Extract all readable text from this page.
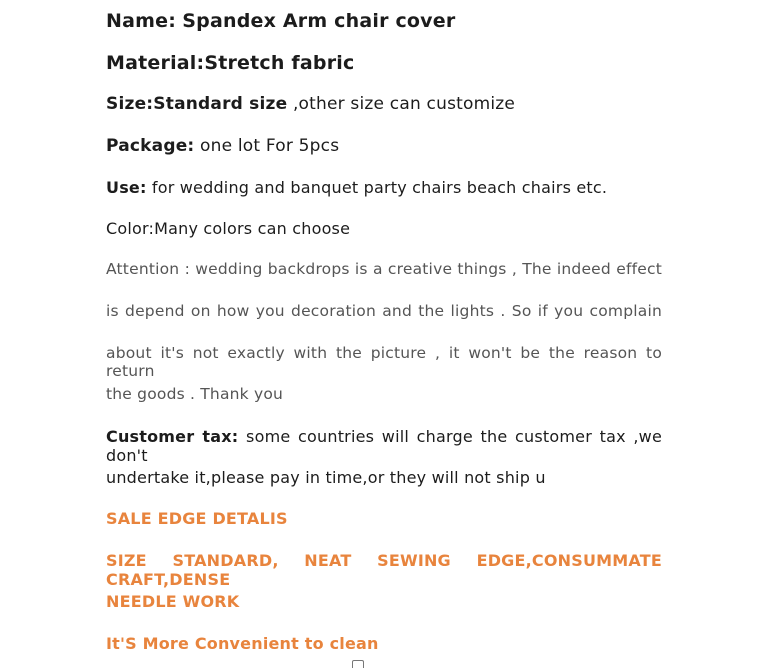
Name: Spandex Arm chair cover
Material:Stretch fabric
Size:Standard size ,other size can customize
Package: one lot For 5pcs
Use: for wedding and banquet party chairs beach chairs etc.
Color:Many colors can choose
Attention : wedding backdrops is a creative things , The indeed effect
is depend on how you decoration and the lights . So if you complain
about it's not exactly with the picture , it won't be the reason to return
the goods . Thank you
Customer tax: some countries will charge the customer tax ,we don't
undertake it,please pay in time,or they will not ship u
SALE EDGE DETALIS
SIZE STANDARD, NEAT SEWING EDGE,CONSUMMATE CRAFT,DENSE
NEEDLE WORK
It'S More Convenient to clean
